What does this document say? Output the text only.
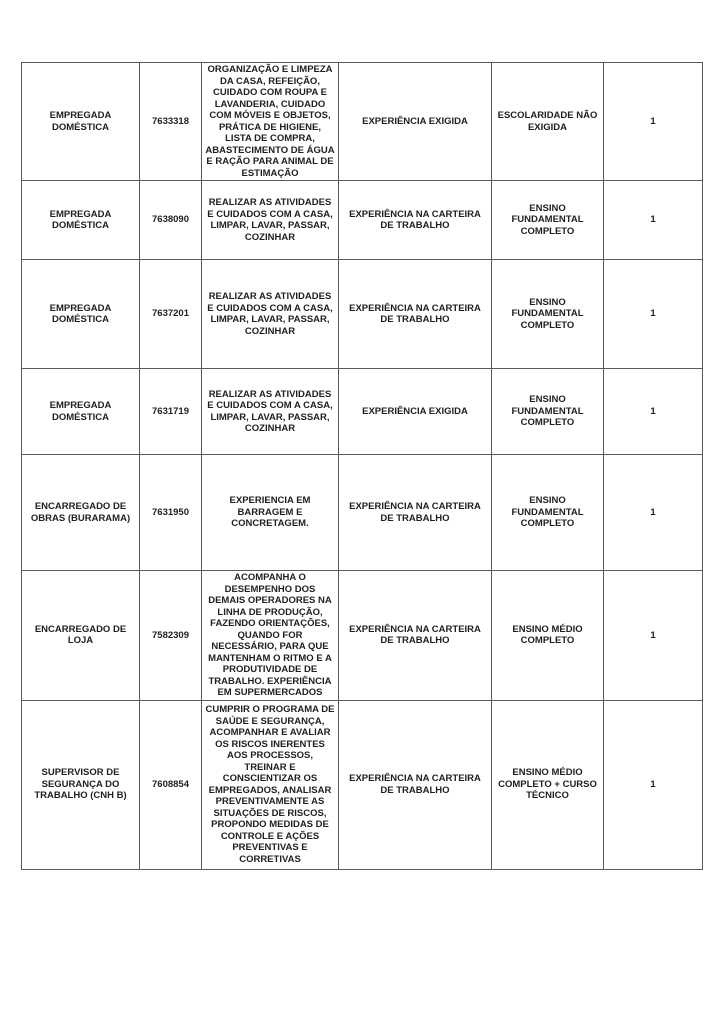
EMPREGADA DOMÉSTICA	7633318	ORGANIZAÇÃO E LIMPEZA DA CASA, REFEIÇÃO, CUIDADO COM ROUPA E LAVANDERIA, CUIDADO COM MÓVEIS E OBJETOS, PRÁTICA DE HIGIENE, LISTA DE COMPRA, ABASTECIMENTO DE ÁGUA E RAÇÃO PARA ANIMAL DE ESTIMAÇÃO	EXPERIÊNCIA EXIGIDA	ESCOLARIDADE NÃO EXIGIDA	1
EMPREGADA DOMÉSTICA	7638090	REALIZAR AS ATIVIDADES E CUIDADOS COM A CASA, LIMPAR, LAVAR, PASSAR, COZINHAR	EXPERIÊNCIA NA CARTEIRA DE TRABALHO	ENSINO FUNDAMENTAL COMPLETO	1
EMPREGADA DOMÉSTICA	7637201	REALIZAR AS ATIVIDADES E CUIDADOS COM A CASA, LIMPAR, LAVAR, PASSAR, COZINHAR	EXPERIÊNCIA NA CARTEIRA DE TRABALHO	ENSINO FUNDAMENTAL COMPLETO	1
EMPREGADA DOMÉSTICA	7631719	REALIZAR AS ATIVIDADES E CUIDADOS COM A CASA, LIMPAR, LAVAR, PASSAR, COZINHAR	EXPERIÊNCIA EXIGIDA	ENSINO FUNDAMENTAL COMPLETO	1
ENCARREGADO DE OBRAS (BURARAMA)	7631950	EXPERIENCIA EM BARRAGEM E CONCRETAGEM.	EXPERIÊNCIA NA CARTEIRA DE TRABALHO	ENSINO FUNDAMENTAL COMPLETO	1
ENCARREGADO DE LOJA	7582309	ACOMPANHA O DESEMPENHO DOS DEMAIS OPERADORES NA LINHA DE PRODUÇÃO, FAZENDO ORIENTAÇÕES, QUANDO FOR NECESSÁRIO, PARA QUE MANTENHAM O RITMO E A PRODUTIVIDADE DE TRABALHO. EXPERIÊNCIA EM SUPERMERCADOS	EXPERIÊNCIA NA CARTEIRA DE TRABALHO	ENSINO MÉDIO COMPLETO	1
SUPERVISOR DE SEGURANÇA DO TRABALHO (CNH B)	7608854	CUMPRIR O PROGRAMA DE SAÚDE E SEGURANÇA, ACOMPANHAR E AVALIAR OS RISCOS INERENTES AOS PROCESSOS, TREINAR E CONSCIENTIZAR OS EMPREGADOS, ANALISAR PREVENTIVAMENTE AS SITUAÇÕES DE RISCOS, PROPONDO MEDIDAS DE CONTROLE E AÇÕES PREVENTIVAS E CORRETIVAS	EXPERIÊNCIA NA CARTEIRA DE TRABALHO	ENSINO MÉDIO COMPLETO + CURSO TÉCNICO	1
